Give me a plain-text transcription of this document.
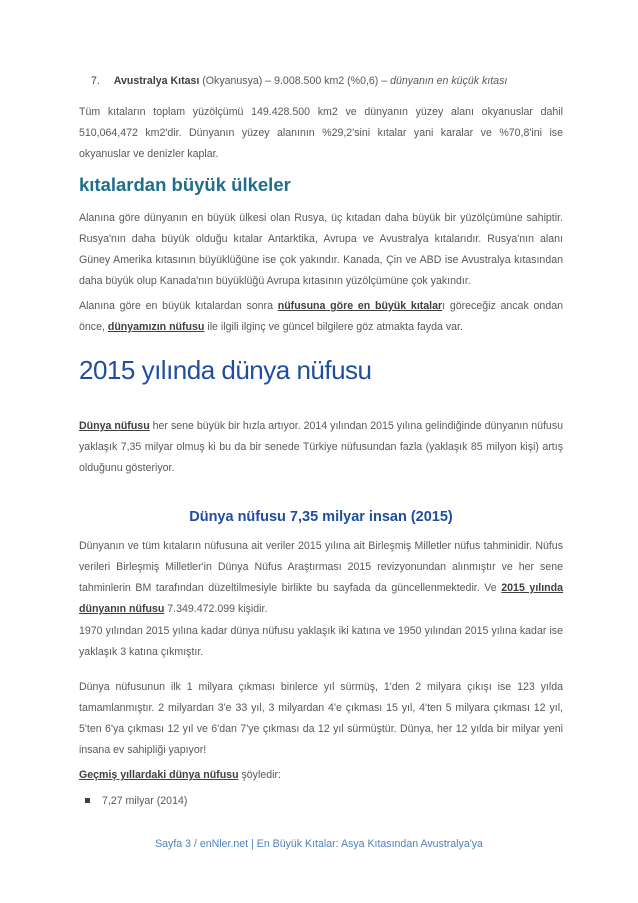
7. Avustralya Kıtası (Okyanusya) – 9.008.500 km2 (%0,6) – dünyanın en küçük kıtası

Tüm kıtaların toplam yüzölçümü 149.428.500 km2 ve dünyanın yüzey alanı okyanuslar dahil 510,064,472 km2'dir. Dünyanın yüzey alanının %29,2'sini kıtalar yani karalar ve %70,8'ini ise okyanuslar ve denizler kaplar.

kıtalardan büyük ülkeler

Alanına göre dünyanın en büyük ülkesi olan Rusya, üç kıtadan daha büyük bir yüzölçümüne sahiptir. Rusya'nın daha büyük olduğu kıtalar Antarktika, Avrupa ve Avustralya kıtalarıdır. Rusya'nın alanı Güney Amerika kıtasının büyüklüğüne ise çok yakındır. Kanada, Çin ve ABD ise Avustralya kıtasından daha büyük olup Kanada'nın büyüklüğü Avrupa kıtasının yüzölçümüne çok yakındır.

Alanına göre en büyük kıtalardan sonra nüfusuna göre en büyük kıtaları göreceğiz ancak ondan önce, dünyamızın nüfusu ile ilgili ilginç ve güncel bilgilere göz atmakta fayda var.

2015 yılında dünya nüfusu

Dünya nüfusu her sene büyük bir hızla artıyor. 2014 yılından 2015 yılına gelindiğinde dünyanın nüfusu yaklaşık 7,35 milyar olmuş ki bu da bir senede Türkiye nüfusundan fazla (yaklaşık 85 milyon kişi) artış olduğunu gösteriyor.

Dünya nüfusu 7,35 milyar insan (2015)

Dünyanın ve tüm kıtaların nüfusuna ait veriler 2015 yılına ait Birleşmiş Milletler nüfus tahminidir. Nüfus verileri Birleşmiş Milletler'in Dünya Nüfus Araştırması 2015 revizyonundan alınmıştır ve her sene tahminlerin BM tarafından düzeltilmesiyle birlikte bu sayfada da güncellenmektedir. Ve 2015 yılında dünyanın nüfusu 7.349.472.099 kişidir.

1970 yılından 2015 yılına kadar dünya nüfusu yaklaşık iki katına ve 1950 yılından 2015 yılına kadar ise yaklaşık 3 katına çıkmıştır.

Dünya nüfusunun ilk 1 milyara çıkması binlerce yıl sürmüş, 1'den 2 milyara çıkışı ise 123 yılda tamamlanmıştır. 2 milyardan 3'e 33 yıl, 3 milyardan 4'e çıkması 15 yıl, 4'ten 5 milyara çıkması 12 yıl, 5'ten 6'ya çıkması 12 yıl ve 6'dan 7'ye çıkması da 12 yıl sürmüştür. Dünya, her 12 yılda bir milyar yeni insana ev sahipliği yapıyor!

Geçmiş yıllardaki dünya nüfusu şöyledir:

7,27 milyar (2014)
Sayfa 3 / enNler.net | En Büyük Kıtalar: Asya Kıtasından Avustralya'ya
